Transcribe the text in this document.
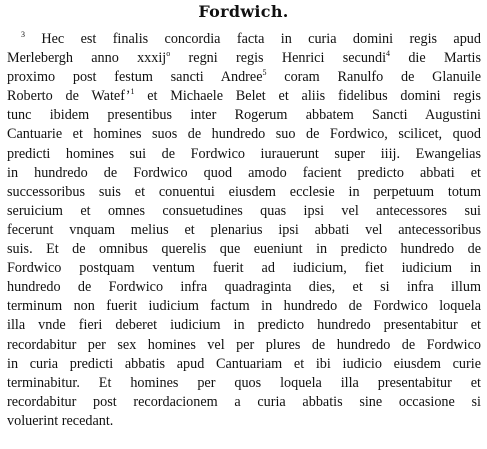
Fordwich.
$^3$ Hec est finalis concordia facta in curia domini regis apud
Merlebergh anno xxxij$^o$ regni regis Henrici secundi$^4$ die Martis
proximo post festum sancti Andree$^5$ coram Ranulfo de Glanuile
Roberto de Watef’$^1$ et Michaele Belet et aliis fidelibus domini regis
tunc ibidem presentibus inter Rogerum abbatem Sancti Augustini
Cantuarie et homines suos de hundredo suo de Fordwico, scilicet, quod
predicti homines sui de Fordwico iurauerunt super iiij. Ewangelias
in hundredo de Fordwico quod amodo facient predicto abbati et
successoribus suis et conuentui eiusdem ecclesie in perpetuum totum
seruicium et omnes consuetudines quas ipsi vel antecessores sui
fecerunt vnquam melius et plenarius ipsi abbati vel antecessoribus
suis. Et de omnibus querelis que eueniunt in predicto hundredo de
Fordwico postquam ventum fuerit ad iudicium, fiet iudicium in
hundredo de Fordwico infra quadraginta dies, et si infra illum
terminum non fuerit iudicium factum in hundredo de Fordwico loquela
illa vnde fieri deberet iudicium in predicto hundredo presentabitur et
recordabitur per sex homines vel per plures de hundredo de Fordwico
in curia predicti abbatis apud Cantuariam et ibi iudicio eiusdem curie
terminabitur. Et homines per quos loquela illa presentabitur et
recordabitur post recordacionem a curia abbatis sine occasione si
voluerint recedant.
